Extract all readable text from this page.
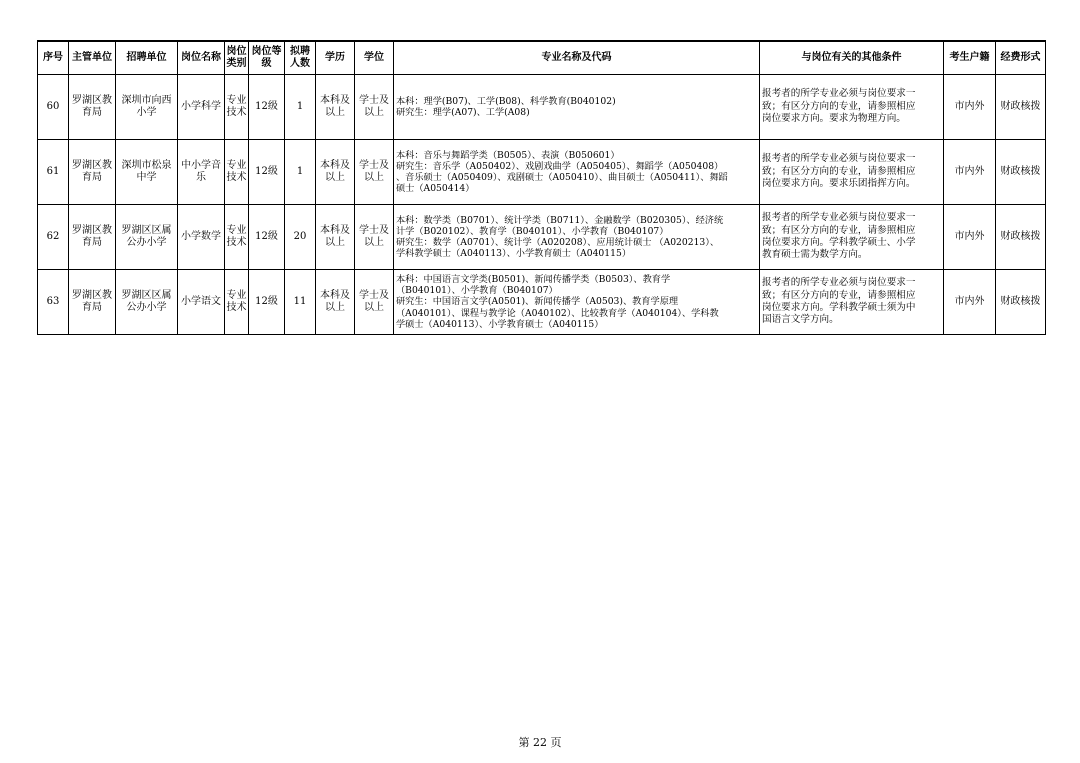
序号	主管单位	招聘单位	岗位名称	岗位类别	岗位等级	拟聘人数	学历	学位	专业名称及代码	与岗位有关的其他条件	考生户籍	经费形式
60	罗湖区教育局	深圳市向西小学	小学科学	专业技术	12级	1	本科及以上	学士及以上	本科：理学(B07)、工学(B08)、科学教育(B040102)
研究生：理学(A07)、工学(A08)	报考者的所学专业必须与岗位要求一
致；有区分方向的专业，请参照相应
岗位要求方向。要求为物理方向。	市内外	财政核拨
61	罗湖区教育局	深圳市松泉中学	中小学音乐	专业技术	12级	1	本科及以上	学士及以上	本科：音乐与舞蹈学类（B0505）、表演（B050601）
研究生：音乐学（A050402）、戏剧戏曲学（A050405）、舞蹈学（A050408）
、音乐硕士（A050409）、戏剧硕士（A050410）、曲目硕士（A050411）、舞蹈
硕士（A050414）	报考者的所学专业必须与岗位要求一
致；有区分方向的专业，请参照相应
岗位要求方向。要求乐团指挥方向。	市内外	财政核拨
62	罗湖区教育局	罗湖区区属公办小学	小学数学	专业技术	12级	20	本科及以上	学士及以上	本科：数学类（B0701）、统计学类（B0711）、金融数学（B020305）、经济统
计学（B020102）、教育学（B040101）、小学教育（B040107）
研究生：数学（A0701）、统计学（A020208）、应用统计硕士 （A020213）、
学科教学硕士（A040113）、小学教育硕士（A040115）	报考者的所学专业必须与岗位要求一
致；有区分方向的专业，请参照相应
岗位要求方向。学科教学硕士、小学
教育硕士需为数学方向。	市内外	财政核拨
63	罗湖区教育局	罗湖区区属公办小学	小学语文	专业技术	12级	11	本科及以上	学士及以上	本科：中国语言文学类(B0501)、新闻传播学类（B0503）、教育学
（B040101）、小学教育（B040107）
研究生：中国语言文学(A0501)、新闻传播学（A0503)、教育学原理
（A040101）、课程与教学论（A040102）、比较教育学（A040104）、学科教
学硕士（A040113）、小学教育硕士（A040115）	报考者的所学专业必须与岗位要求一
致；有区分方向的专业，请参照相应
岗位要求方向。学科教学硕士须为中
国语言文学方向。	市内外	财政核拨
第 22 页
